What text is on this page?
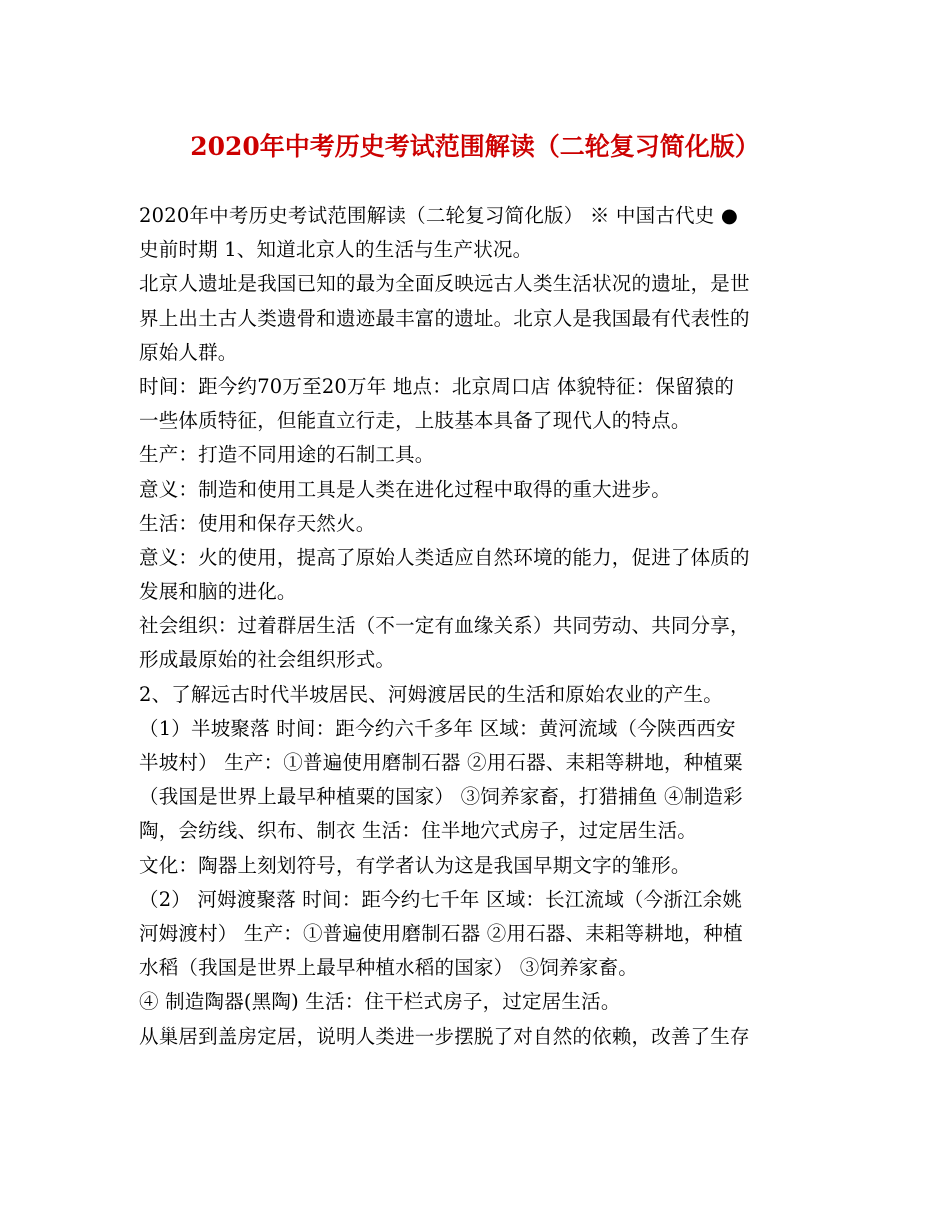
2020年中考历史考试范围解读（二轮复习简化版）
2020年中考历史考试范围解读（二轮复习简化版） ※ 中国古代史 ●
史前时期 1、知道北京人的生活与生产状况。
北京人遗址是我国已知的最为全面反映远古人类生活状况的遗址，是世
界上出土古人类遗骨和遗迹最丰富的遗址。北京人是我国最有代表性的
原始人群。
时间：距今约70万至20万年 地点：北京周口店 体貌特征：保留猿的
一些体质特征，但能直立行走，上肢基本具备了现代人的特点。
生产：打造不同用途的石制工具。
意义：制造和使用工具是人类在进化过程中取得的重大进步。
生活：使用和保存天然火。
意义：火的使用，提高了原始人类适应自然环境的能力，促进了体质的
发展和脑的进化。
社会组织：过着群居生活（不一定有血缘关系）共同劳动、共同分享，
形成最原始的社会组织形式。
2、了解远古时代半坡居民、河姆渡居民的生活和原始农业的产生。
（1）半坡聚落 时间：距今约六千多年 区域：黄河流域（今陕西西安
半坡村） 生产：①普遍使用磨制石器 ②用石器、耒耜等耕地，种植粟
（我国是世界上最早种植粟的国家） ③饲养家畜，打猎捕鱼 ④制造彩
陶，会纺线、织布、制衣 生活：住半地穴式房子，过定居生活。
文化：陶器上刻划符号，有学者认为这是我国早期文字的雏形。
（2） 河姆渡聚落 时间：距今约七千年 区域：长江流域（今浙江余姚
河姆渡村） 生产：①普遍使用磨制石器 ②用石器、耒耜等耕地，种植
水稻（我国是世界上最早种植水稻的国家） ③饲养家畜。
④ 制造陶器(黑陶) 生活：住干栏式房子，过定居生活。
从巢居到盖房定居，说明人类进一步摆脱了对自然的依赖，改善了生存
